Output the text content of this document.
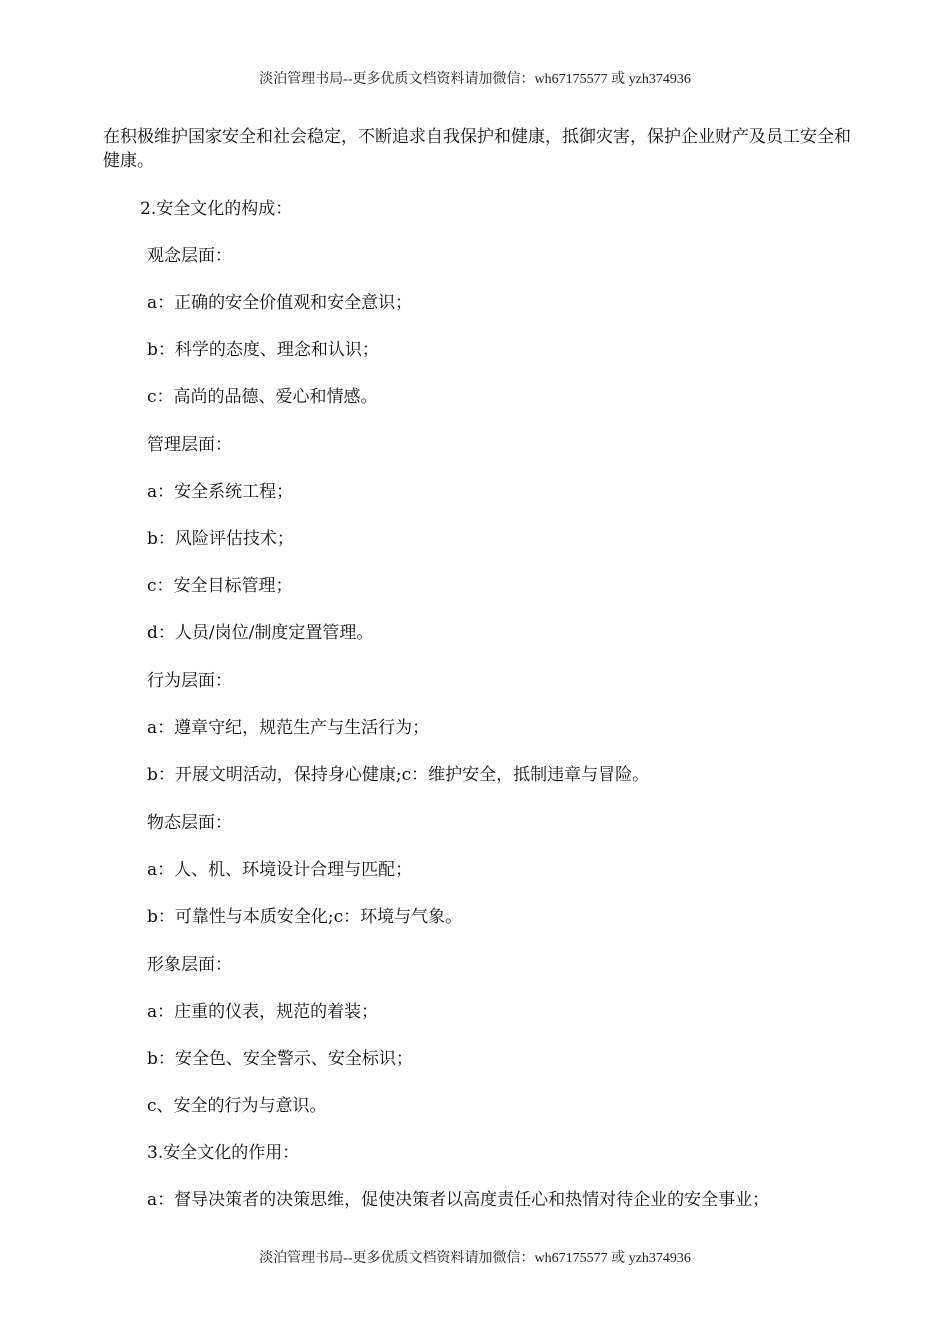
淡泊管理书局--更多优质文档资料请加微信：wh67175577 或 yzh374936

在积极维护国家安全和社会稳定，不断追求自我保护和健康，抵御灾害，保护企业财产及员工安全和健康。

2.安全文化的构成：

观念层面：

a：正确的安全价值观和安全意识；

b：科学的态度、理念和认识；

c：高尚的品德、爱心和情感。

管理层面：

a：安全系统工程；

b：风险评估技术；

c：安全目标管理；

d：人员/岗位/制度定置管理。

行为层面：

a：遵章守纪，规范生产与生活行为；

b：开展文明活动，保持身心健康;c：维护安全，抵制违章与冒险。

物态层面：

a：人、机、环境设计合理与匹配；

b：可靠性与本质安全化;c：环境与气象。

形象层面：

a：庄重的仪表，规范的着装；

b：安全色、安全警示、安全标识；

c、安全的行为与意识。

3.安全文化的作用：

a：督导决策者的决策思维，促使决策者以高度责任心和热情对待企业的安全事业；

淡泊管理书局--更多优质文档资料请加微信：wh67175577 或 yzh374936
